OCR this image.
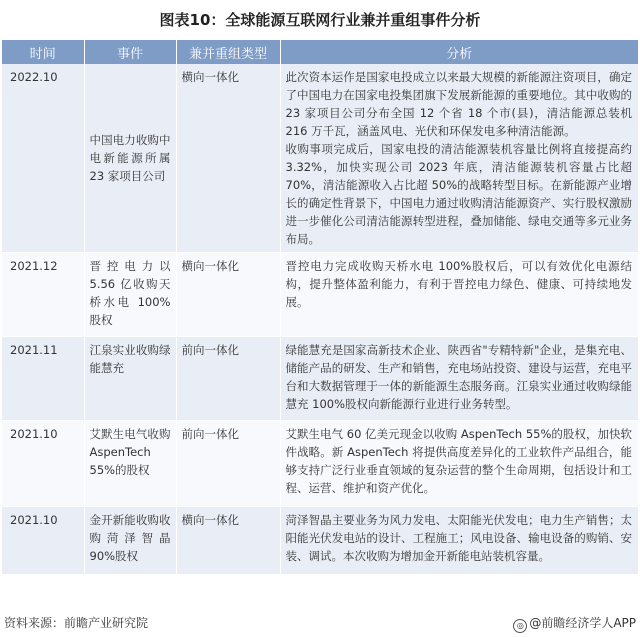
图表10：全球能源互联网行业兼并重组事件分析
时间	事件	兼并重组类型	分析
2022.10	中国电力收购中电新能源所属 23 家项目公司	横向一体化	此次资本运作是国家电投成立以来最大规模的新能源注资项目，确定了中国电力在国家电投集团旗下发展新能源的重要地位。其中收购的 23 家项目公司分布全国 12 个省 18 个市(县)，清洁能源总装机 216 万千瓦，涵盖风电、光伏和环保发电多种清洁能源。
收购事项完成后，国家电投的清洁能源装机容量比例将直接提高约 3.32%，加快实现公司 2023 年底，清洁能源装机容量占比超 70%，清洁能源收入占比超 50%的战略转型目标。在新能源产业增长的确定性背景下，中国电力通过收购清洁能源资产、实行股权激励进一步催化公司清洁能源转型进程，叠加储能、绿电交通等多元业务布局。

2021.12	晋控电力以 5.56 亿收购天桥水电 100%股权	横向一体化	晋控电力完成收购天桥水电 100%股权后，可以有效优化电源结构，提升整体盈利能力，有利于晋控电力绿色、健康、可持续地发展。
2021.11	江泉实业收购绿能慧充	前向一体化	绿能慧充是国家高新技术企业、陕西省"专精特新"企业，是集充电、储能产品的研发、生产和销售，充电场站投资、建设与运营，充电平台和大数据管理于一体的新能源生态服务商。江泉实业通过收购绿能慧充 100%股权向新能源行业进行业务转型。
2021.10	艾默生电气收购 AspenTech 55%的股权	前向一体化	艾默生电气 60 亿美元现金以收购 AspenTech 55%的股权，加快软件战略。新 AspenTech 将提供高度差异化的工业软件产品组合，能够支持广泛行业垂直领域的复杂运营的整个生命周期，包括设计和工程、运营、维护和资产优化。
2021.10	金开新能收购收购菏泽智晶 90%股权	横向一体化	菏泽智晶主要业务为风力发电、太阳能光伏发电；电力生产销售；太阳能光伏发电站的设计、工程施工；风电设备、输电设备的购销、安装、调试。本次收购为增加金开新能电站装机容量。
资料来源：前瞻产业研究院	◎ @前瞻经济学人APP
